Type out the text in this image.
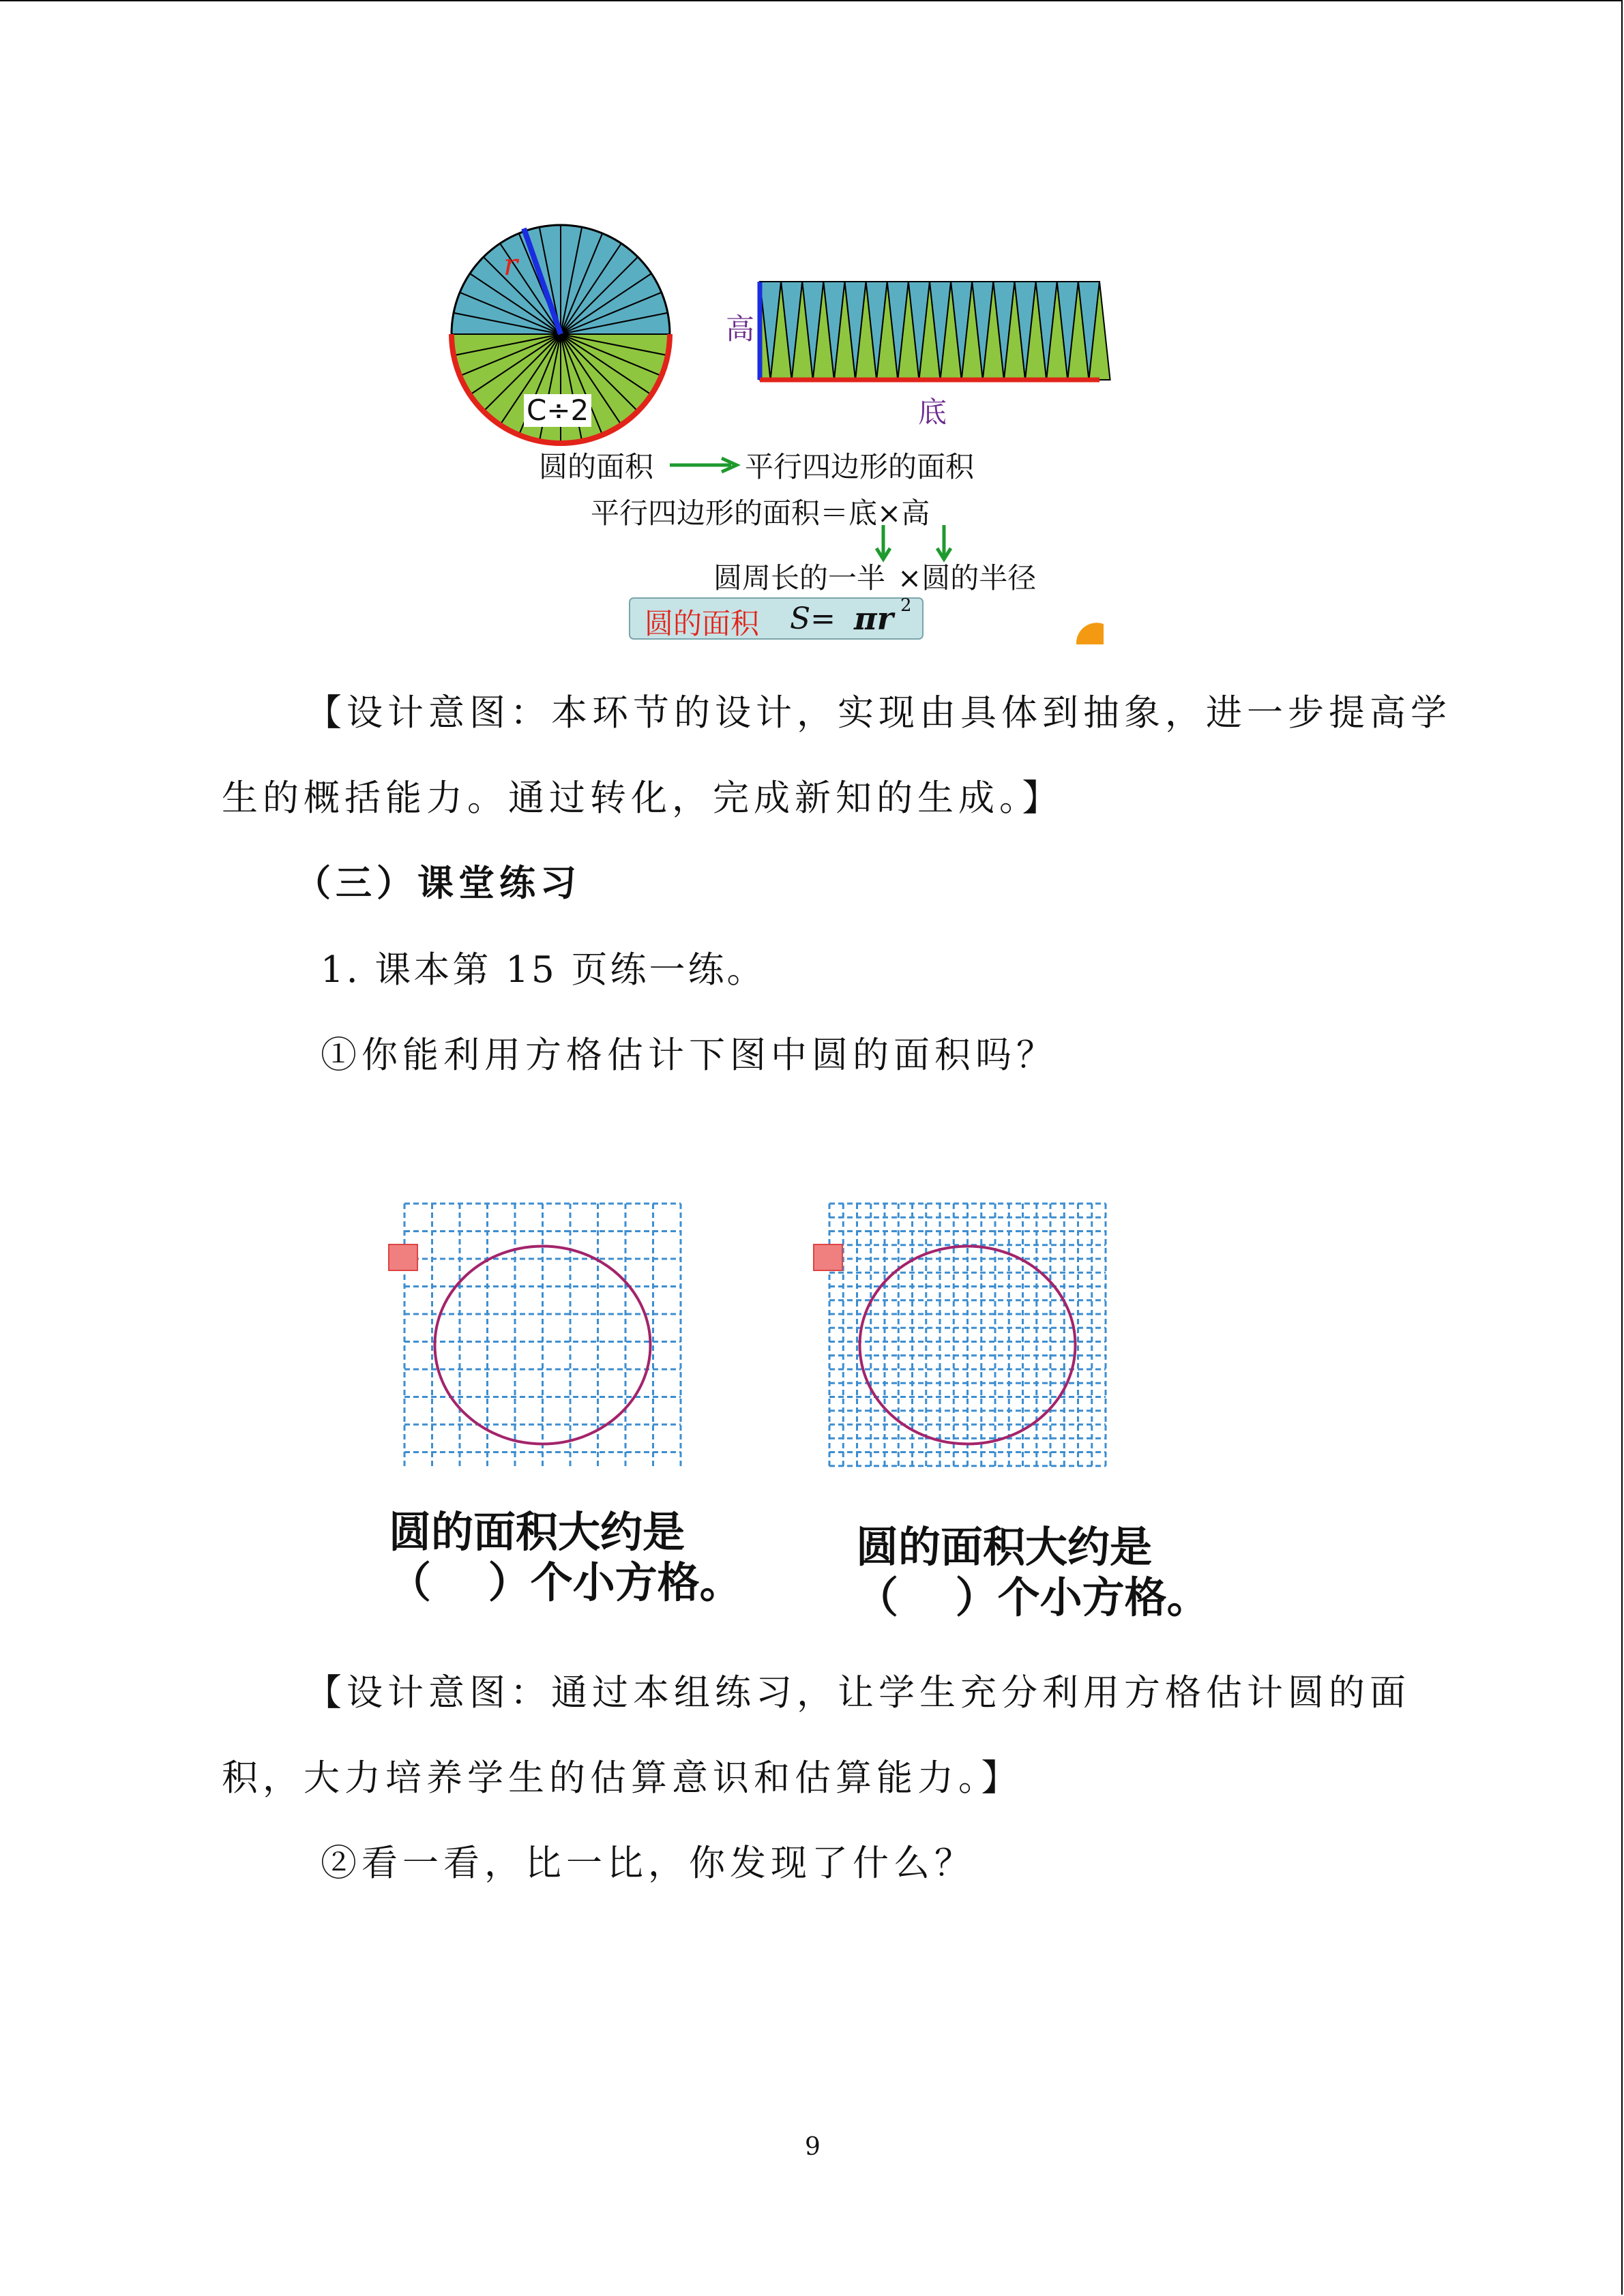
r
C÷2
高
底
圆的面积	平行四边形的面积
平行四边形的面积＝底×高
圆周长的一半 ×圆的半径
圆的面积 S= πr 2
【设计意图：本环节的设计，实现由具体到抽象，进一步提高学
生的概括能力。通过转化，完成新知的生成。】
（三）课堂练习
1. 课本第 15 页练一练。
①你能利用方格估计下图中圆的面积吗？
圆的面积大约是
（　 ）个小方格。
圆的面积大约是
（　 ）个小方格。
【设计意图：通过本组练习，让学生充分利用方格估计圆的面
积，大力培养学生的估算意识和估算能力。】
②看一看，比一比，你发现了什么？
9
